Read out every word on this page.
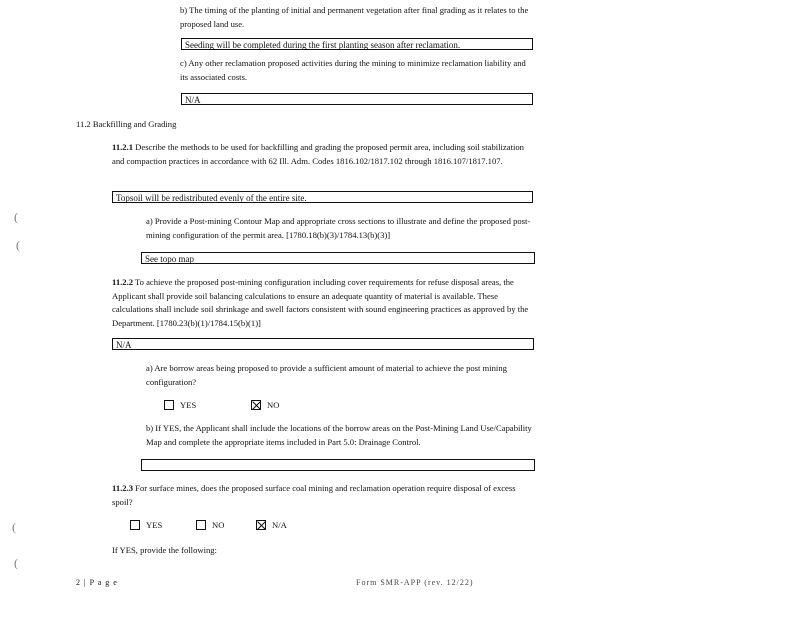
b) The timing of the planting of initial and permanent vegetation after final grading as it relates to the proposed land use.
Seeding will be completed during the first planting season after reclamation.
c) Any other reclamation proposed activities during the mining to minimize reclamation liability and its associated costs.
N/A
11.2 Backfilling and Grading
11.2.1 Describe the methods to be used for backfilling and grading the proposed permit area, including soil stabilization and compaction practices in accordance with 62 Ill. Adm. Codes 1816.102/1817.102 through 1816.107/1817.107.
Topsoil will be redistributed evenly of the entire site.
a) Provide a Post-mining Contour Map and appropriate cross sections to illustrate and define the proposed post-mining configuration of the permit area. [1780.18(b)(3)/1784.13(b)(3)]
See topo map
11.2.2 To achieve the proposed post-mining configuration including cover requirements for refuse disposal areas, the Applicant shall provide soil balancing calculations to ensure an adequate quantity of material is available. These calculations shall include soil shrinkage and swell factors consistent with sound engineering practices as approved by the Department. [1780.23(b)(1)/1784.15(b)(1)]
N/A
a) Are borrow areas being proposed to provide a sufficient amount of material to achieve the post mining configuration?
YES	NO
b) If YES, the Applicant shall include the locations of the borrow areas on the Post-Mining Land Use/Capability Map and complete the appropriate items included in Part 5.0: Drainage Control.
11.2.3 For surface mines, does the proposed surface coal mining and reclamation operation require disposal of excess spoil?
YES	NO	N/A
If YES, provide the following:
2 | P a g e	Form SMR-APP (rev. 12/22)
(
(
(
(
